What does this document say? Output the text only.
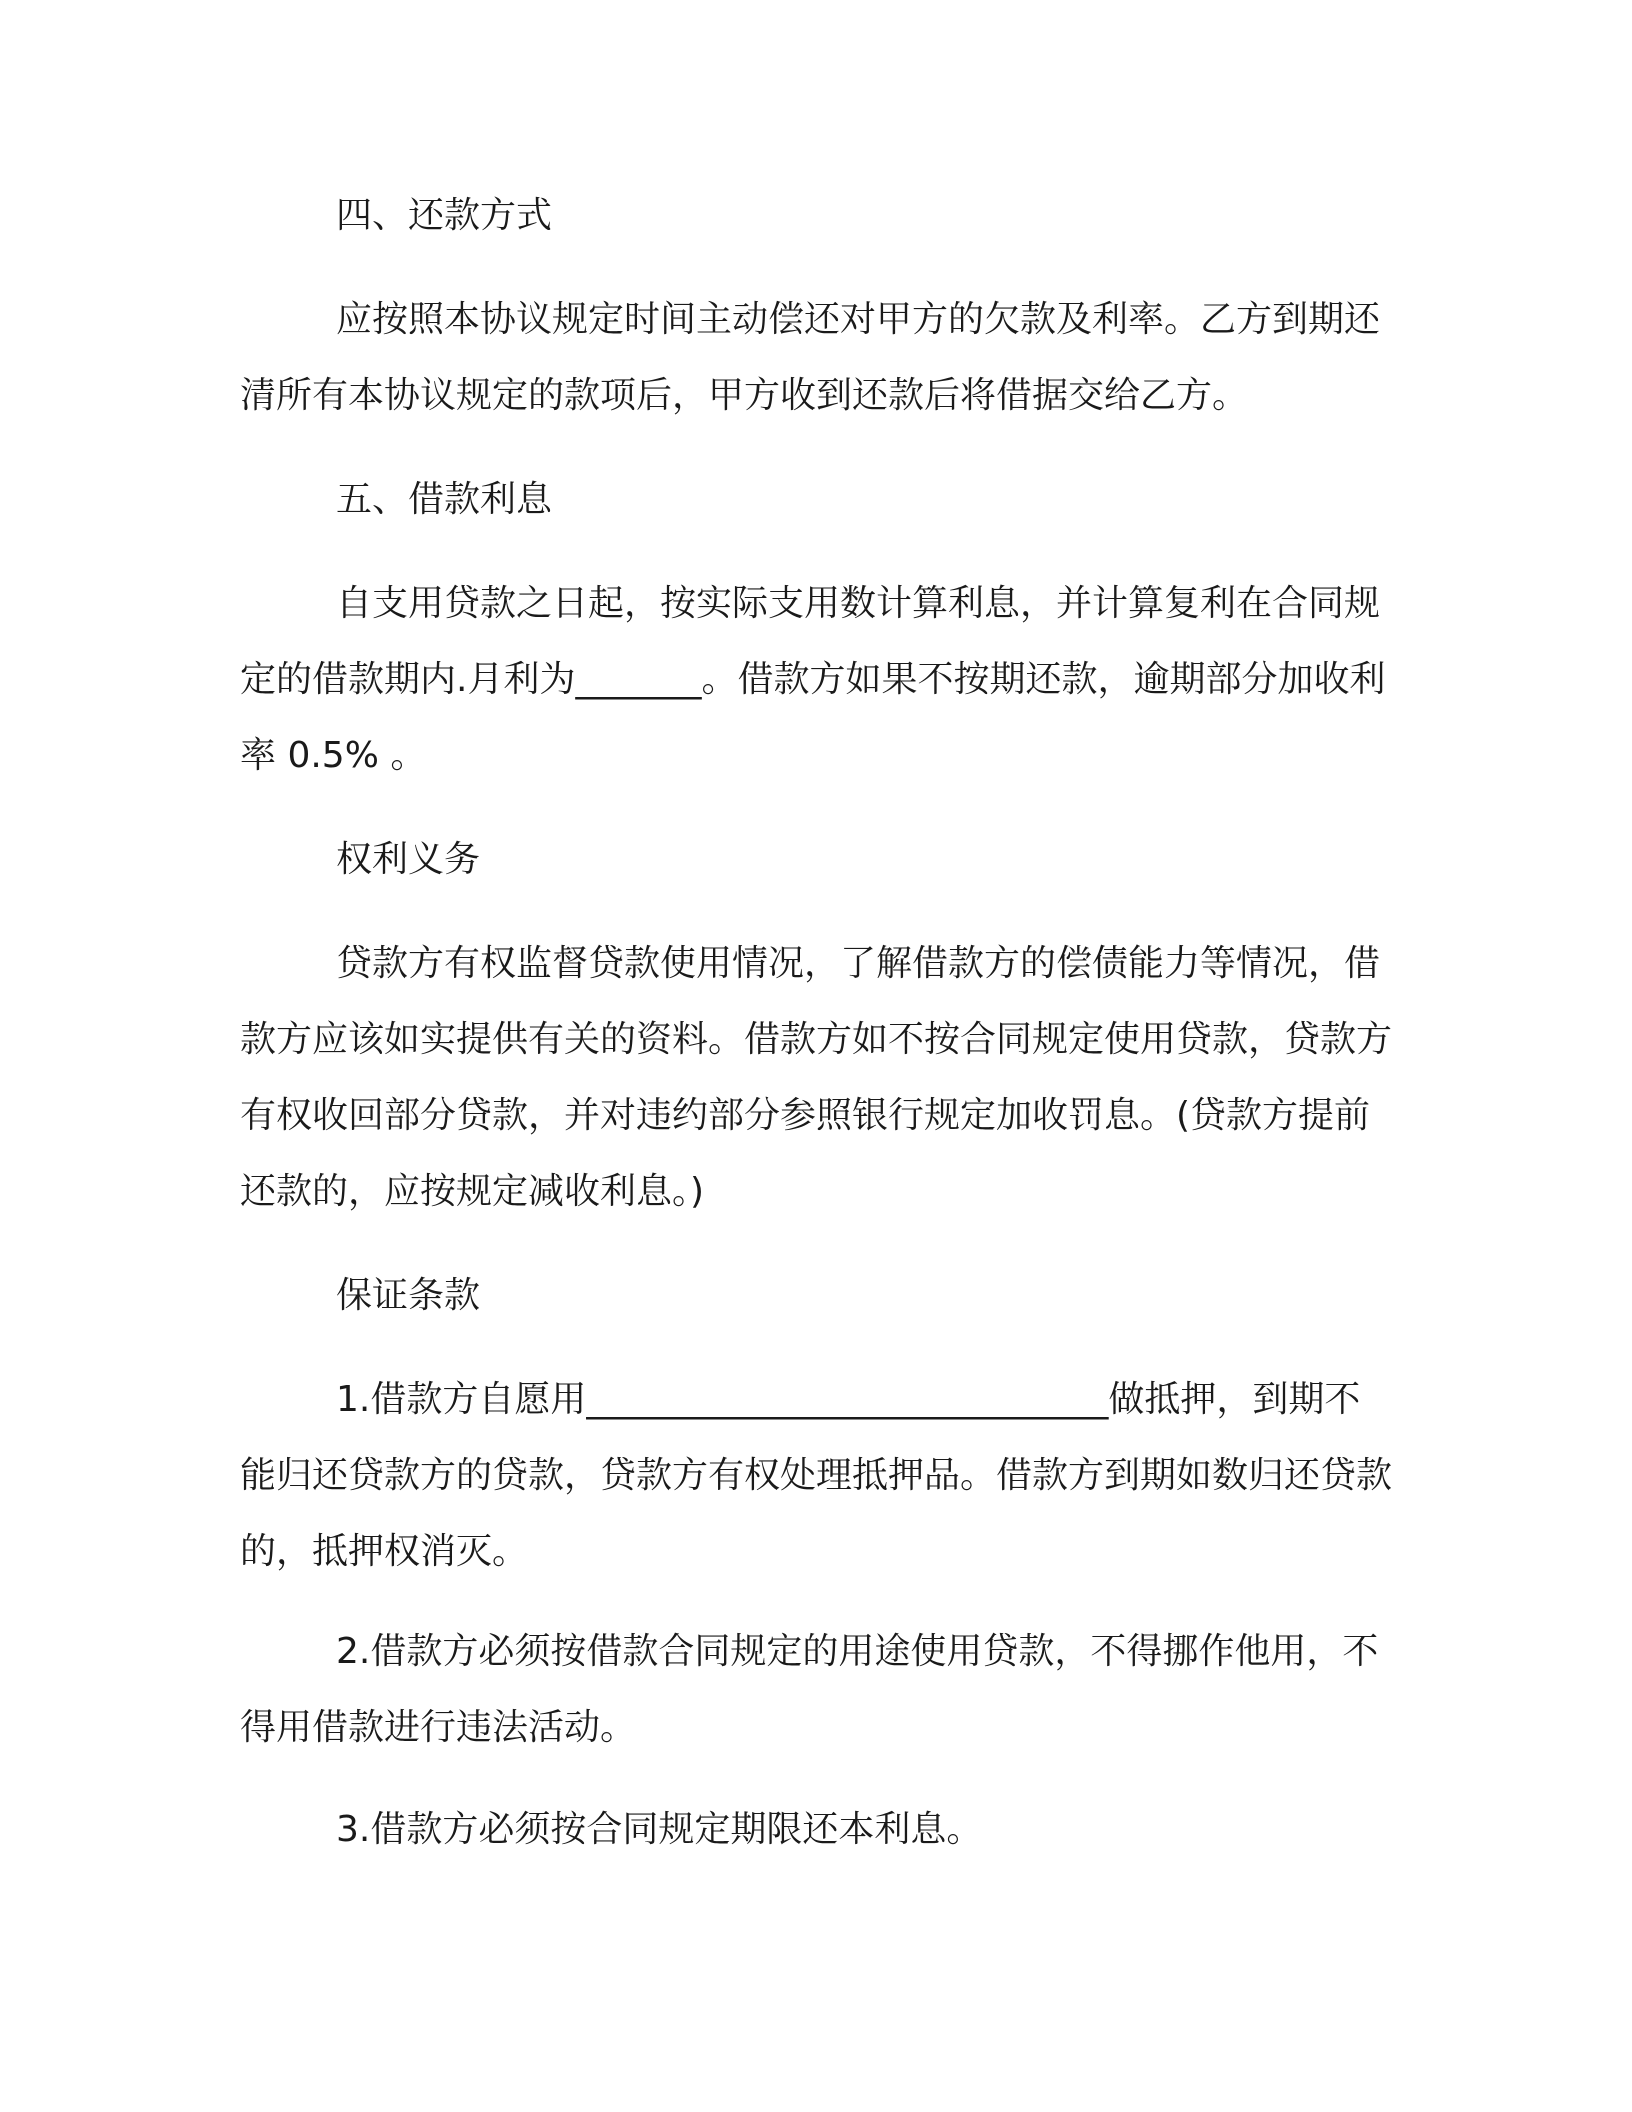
四、还款方式

应按照本协议规定时间主动偿还对甲方的欠款及利率。乙方到期还清所有本协议规定的款项后，甲方收到还款后将借据交给乙方。

五、借款利息

自支用贷款之日起，按实际支用数计算利息，并计算复利在合同规定的借款期内.月利为_______。借款方如果不按期还款，逾期部分加收利率 0.5% 。

权利义务

贷款方有权监督贷款使用情况，了解借款方的偿债能力等情况，借款方应该如实提供有关的资料。借款方如不按合同规定使用贷款，贷款方有权收回部分贷款，并对违约部分参照银行规定加收罚息。(贷款方提前还款的，应按规定减收利息。)

保证条款

1.借款方自愿用_____________________________做抵押，到期不能归还贷款方的贷款，贷款方有权处理抵押品。借款方到期如数归还贷款的，抵押权消灭。

2.借款方必须按借款合同规定的用途使用贷款，不得挪作他用，不得用借款进行违法活动。

3.借款方必须按合同规定期限还本利息。
